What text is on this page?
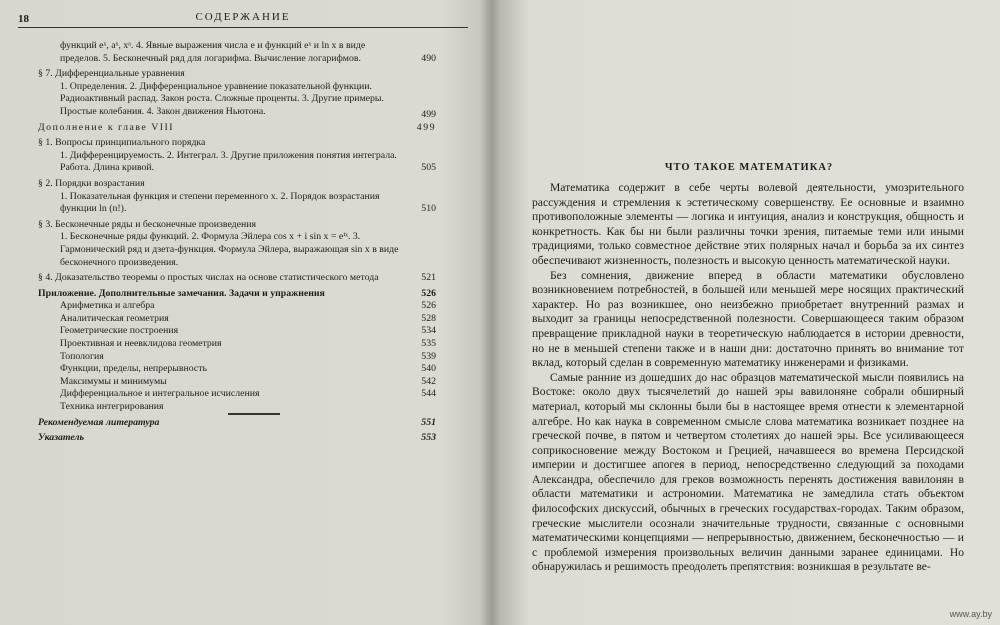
18	СОДЕРЖАНИЕ
функций eˣ, aˣ, xᵃ. 4. Явные выражения числа e и функций eˣ и ln x в виде пределов. 5. Бесконечный ряд для логарифма. Вычисление логарифмов.	490
§ 7. Дифференциальные уравнения
1. Определения. 2. Дифференциальное уравнение показательной функции. Радиоактивный распад. Закон роста. Сложные проценты. 3. Другие примеры. Простые колебания. 4. Закон движения Ньютона.	499
Дополнение к главе VIII	499
§ 1. Вопросы принципиального порядка
1. Дифференцируемость. 2. Интеграл. 3. Другие приложения понятия интеграла. Работа. Длина кривой.	505
§ 2. Порядки возрастания
1. Показательная функция и степени переменного x. 2. Порядок возрастания функции ln (n!).	510
§ 3. Бесконечные ряды и бесконечные произведения
1. Бесконечные ряды функций. 2. Формула Эйлера cos x + i sin x = eⁱˣ. 3. Гармонический ряд и дзета-функция. Формула Эйлера, выражающая sin x в виде бесконечного произведения.
§ 4. Доказательство теоремы о простых числах на основе статистического метода	521
Приложение. Дополнительные замечания. Задачи и упражнения	526
Арифметика и алгебра	526
Аналитическая геометрия	528
Геометрические построения	534
Проективная и неевклидова геометрия	535
Топология	539
Функции, пределы, непрерывность	540
Максимумы и минимумы	542
Дифференциальное и интегральное исчисления	544
Техника интегрирования
Рекомендуемая литература	551
Указатель	553
ЧТО ТАКОЕ МАТЕМАТИКА?

Математика содержит в себе черты волевой деятельности, умозрительного рассуждения и стремления к эстетическому совершенству. Ее основные и взаимно противоположные элементы — логика и интуиция, анализ и конструкция, общность и конкретность. Как бы ни были различны точки зрения, питаемые теми или иными традициями, только совместное действие этих полярных начал и борьба за их синтез обеспечивают жизненность, полезность и высокую ценность математической науки.

Без сомнения, движение вперед в области математики обусловлено возникновением потребностей, в большей или меньшей мере носящих практический характер. Но раз возникшее, оно неизбежно приобретает внутренний размах и выходит за границы непосредственной полезности. Совершающееся таким образом превращение прикладной науки в теоретическую наблюдается в истории древности, но не в меньшей степени также и в наши дни: достаточно принять во внимание тот вклад, который сделан в современную математику инженерами и физиками.

Самые ранние из дошедших до нас образцов математической мысли появились на Востоке: около двух тысячелетий до нашей эры вавилоняне собрали обширный материал, который мы склонны были бы в настоящее время отнести к элементарной алгебре. Но как наука в современном смысле слова математика возникает позднее на греческой почве, в пятом и четвертом столетиях до нашей эры. Все усиливающееся соприкосновение между Востоком и Грецией, начавшееся во времена Персидской империи и достигшее апогея в период, непосредственно следующий за походами Александра, обеспечило для греков возможность перенять достижения вавилонян в области математики и астрономии. Математика не замедлила стать объектом философских дискуссий, обычных в греческих государствах-городах. Таким образом, греческие мыслители осознали значительные трудности, связанные с основными математическими концепциями — непрерывностью, движением, бесконечностью — и с проблемой измерения произвольных величин данными заранее единицами. Но обнаружилась и решимость преодолеть препятствия: возникшая в результате ве-

www.ay.by
